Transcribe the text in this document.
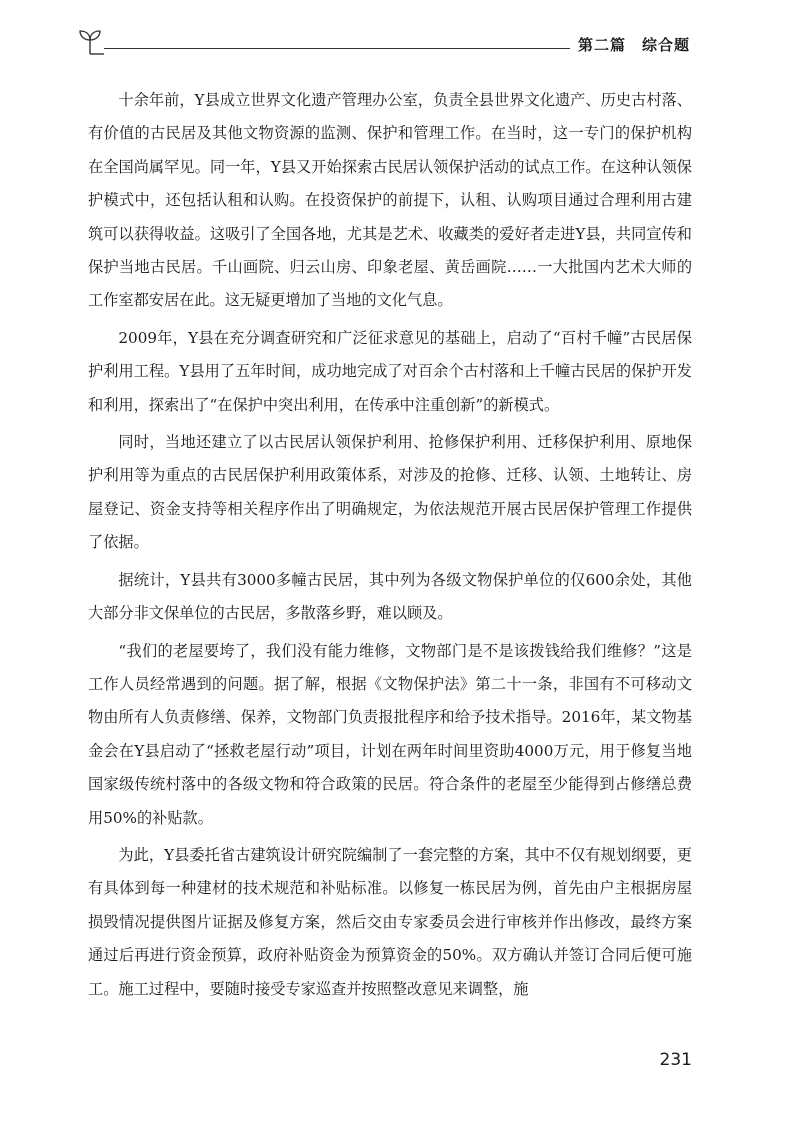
第二篇　综合题

十余年前，Y县成立世界文化遗产管理办公室，负责全县世界文化遗产、历史古村落、有价值的古民居及其他文物资源的监测、保护和管理工作。在当时，这一专门的保护机构在全国尚属罕见。同一年，Y县又开始探索古民居认领保护活动的试点工作。在这种认领保护模式中，还包括认租和认购。在投资保护的前提下，认租、认购项目通过合理利用古建筑可以获得收益。这吸引了全国各地，尤其是艺术、收藏类的爱好者走进Y县，共同宣传和保护当地古民居。千山画院、归云山房、印象老屋、黄岳画院……一大批国内艺术大师的工作室都安居在此。这无疑更增加了当地的文化气息。

2009年，Y县在充分调查研究和广泛征求意见的基础上，启动了“百村千幢”古民居保护利用工程。Y县用了五年时间，成功地完成了对百余个古村落和上千幢古民居的保护开发和利用，探索出了“在保护中突出利用，在传承中注重创新”的新模式。

同时，当地还建立了以古民居认领保护利用、抢修保护利用、迁移保护利用、原地保护利用等为重点的古民居保护利用政策体系，对涉及的抢修、迁移、认领、土地转让、房屋登记、资金支持等相关程序作出了明确规定，为依法规范开展古民居保护管理工作提供了依据。

据统计，Y县共有3000多幢古民居，其中列为各级文物保护单位的仅600余处，其他大部分非文保单位的古民居，多散落乡野，难以顾及。

“我们的老屋要垮了，我们没有能力维修，文物部门是不是该拨钱给我们维修？”这是工作人员经常遇到的问题。据了解，根据《文物保护法》第二十一条，非国有不可移动文物由所有人负责修缮、保养，文物部门负责报批程序和给予技术指导。2016年，某文物基金会在Y县启动了“拯救老屋行动”项目，计划在两年时间里资助4000万元，用于修复当地国家级传统村落中的各级文物和符合政策的民居。符合条件的老屋至少能得到占修缮总费用50%的补贴款。

为此，Y县委托省古建筑设计研究院编制了一套完整的方案，其中不仅有规划纲要，更有具体到每一种建材的技术规范和补贴标准。以修复一栋民居为例，首先由户主根据房屋损毁情况提供图片证据及修复方案，然后交由专家委员会进行审核并作出修改，最终方案通过后再进行资金预算，政府补贴资金为预算资金的50%。双方确认并签订合同后便可施工。施工过程中，要随时接受专家巡查并按照整改意见来调整，施

231
